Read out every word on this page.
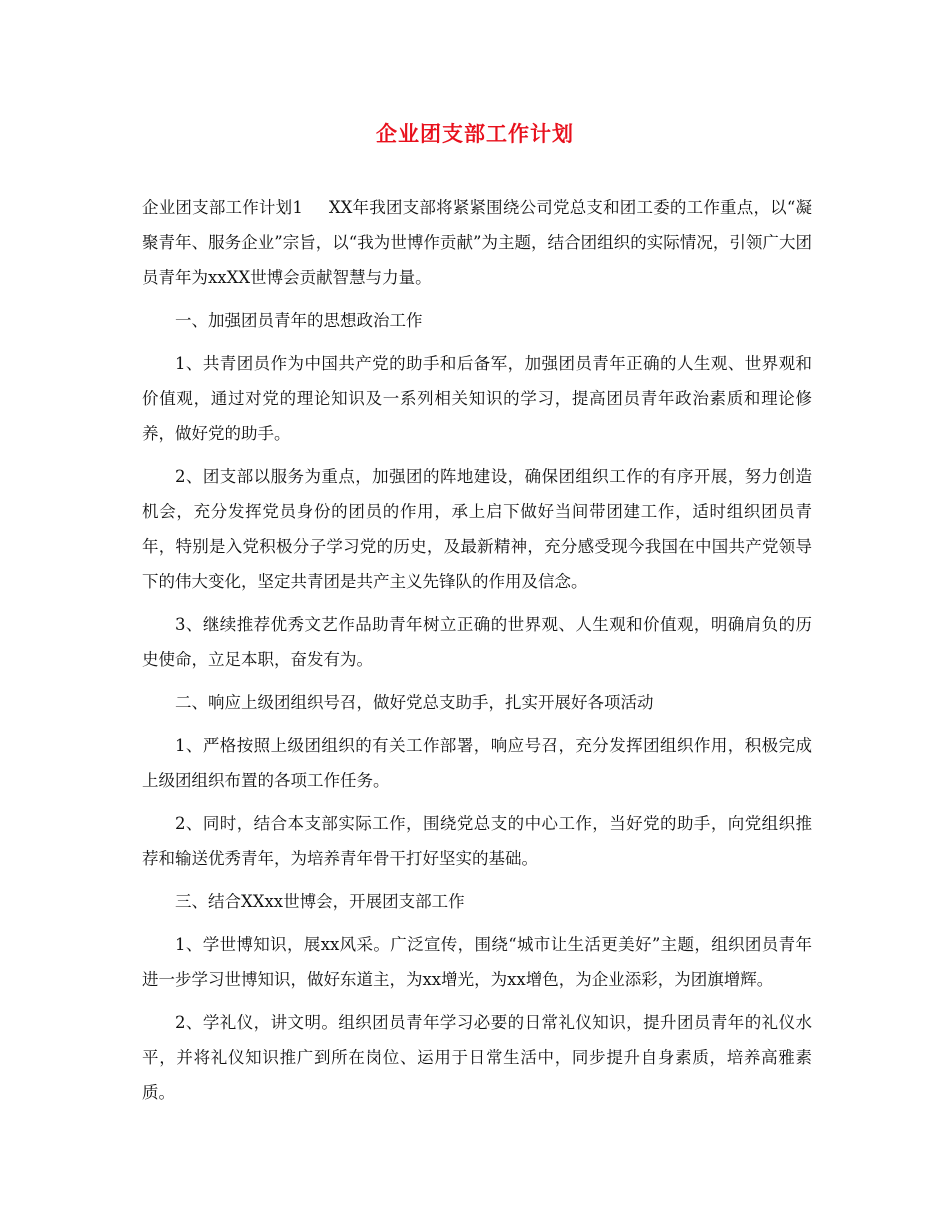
企业团支部工作计划

企业团支部工作计划1 XX年我团支部将紧紧围绕公司党总支和团工委的工作重点，以“凝聚青年、服务企业”宗旨，以“我为世博作贡献”为主题，结合团组织的实际情况，引领广大团员青年为xxXX世博会贡献智慧与力量。

一、加强团员青年的思想政治工作

1、共青团员作为中国共产党的助手和后备军，加强团员青年正确的人生观、世界观和价值观，通过对党的理论知识及一系列相关知识的学习，提高团员青年政治素质和理论修养，做好党的助手。

2、团支部以服务为重点，加强团的阵地建设，确保团组织工作的有序开展，努力创造机会，充分发挥党员身份的团员的作用，承上启下做好当间带团建工作，适时组织团员青年，特别是入党积极分子学习党的历史，及最新精神，充分感受现今我国在中国共产党领导下的伟大变化，坚定共青团是共产主义先锋队的作用及信念。

3、继续推荐优秀文艺作品助青年树立正确的世界观、人生观和价值观，明确肩负的历史使命，立足本职，奋发有为。

二、响应上级团组织号召，做好党总支助手，扎实开展好各项活动

1、严格按照上级团组织的有关工作部署，响应号召，充分发挥团组织作用，积极完成上级团组织布置的各项工作任务。

2、同时，结合本支部实际工作，围绕党总支的中心工作，当好党的助手，向党组织推荐和输送优秀青年，为培养青年骨干打好坚实的基础。

三、结合XXxx世博会，开展团支部工作

1、学世博知识，展xx风采。广泛宣传，围绕“城市让生活更美好”主题，组织团员青年进一步学习世博知识，做好东道主，为xx增光，为xx增色，为企业添彩，为团旗增辉。

2、学礼仪，讲文明。组织团员青年学习必要的日常礼仪知识，提升团员青年的礼仪水平，并将礼仪知识推广到所在岗位、运用于日常生活中，同步提升自身素质，培养高雅素质。
